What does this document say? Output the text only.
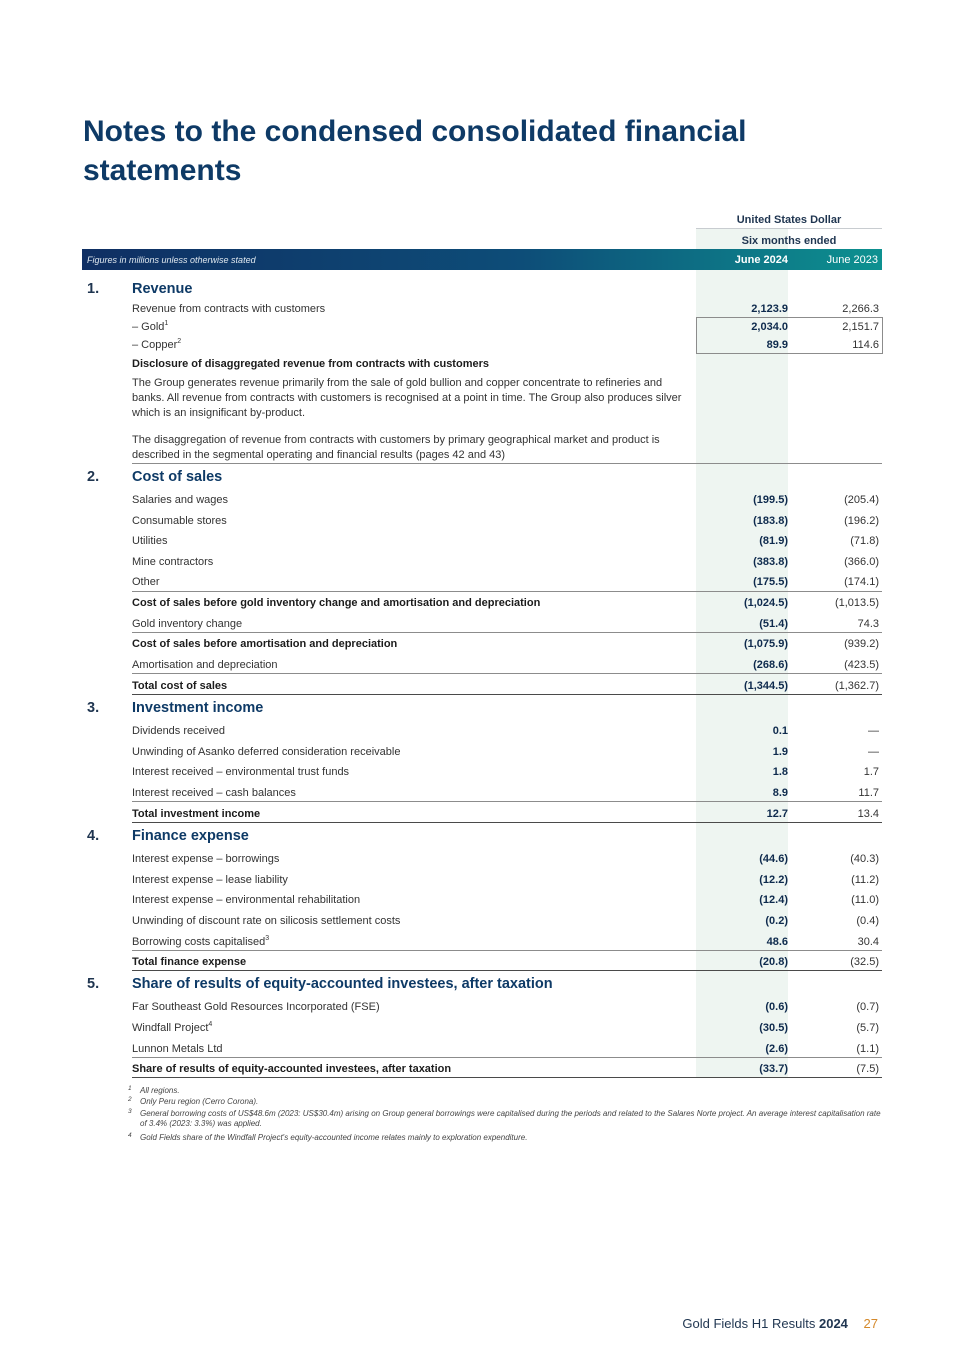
Notes to the condensed consolidated financial statements
United States Dollar
Six months ended
Figures in millions unless otherwise stated	June 2024	June 2023
1. Revenue
Revenue from contracts with customers	2,123.9	2,266.3
– Gold$^1$	2,034.0	2,151.7
– Copper$^2$	89.9	114.6
Disclosure of disaggregated revenue from contracts with customers
The Group generates revenue primarily from the sale of gold bullion and copper concentrate to refineries and banks. All revenue from contracts with customers is recognised at a point in time. The Group also produces silver which is an insignificant by-product.
The disaggregation of revenue from contracts with customers by primary geographical market and product is described in the segmental operating and financial results (pages 42 and 43)
2. Cost of sales
Salaries and wages	(199.5)	(205.4)
Consumable stores	(183.8)	(196.2)
Utilities	(81.9)	(71.8)
Mine contractors	(383.8)	(366.0)
Other	(175.5)	(174.1)
Cost of sales before gold inventory change and amortisation and depreciation	(1,024.5)	(1,013.5)
Gold inventory change	(51.4)	74.3
Cost of sales before amortisation and depreciation	(1,075.9)	(939.2)
Amortisation and depreciation	(268.6)	(423.5)
Total cost of sales	(1,344.5)	(1,362.7)
3. Investment income
Dividends received	0.1	—
Unwinding of Asanko deferred consideration receivable	1.9	—
Interest received – environmental trust funds	1.8	1.7
Interest received – cash balances	8.9	11.7
Total investment income	12.7	13.4
4. Finance expense
Interest expense – borrowings	(44.6)	(40.3)
Interest expense – lease liability	(12.2)	(11.2)
Interest expense – environmental rehabilitation	(12.4)	(11.0)
Unwinding of discount rate on silicosis settlement costs	(0.2)	(0.4)
Borrowing costs capitalised$^3$	48.6	30.4
Total finance expense	(20.8)	(32.5)
5. Share of results of equity-accounted investees, after taxation
Far Southeast Gold Resources Incorporated (FSE)	(0.6)	(0.7)
Windfall Project$^4$	(30.5)	(5.7)
Lunnon Metals Ltd	(2.6)	(1.1)
Share of results of equity-accounted investees, after taxation	(33.7)	(7.5)
1 All regions.
2 Only Peru region (Cerro Corona).
3 General borrowing costs of US$48.6m (2023: US$30.4m) arising on Group general borrowings were capitalised during the periods and related to the Salares Norte project. An average interest capitalisation rate of 3.4% (2023: 3.3%) was applied.
4 Gold Fields share of the Windfall Project's equity-accounted income relates mainly to exploration expenditure.
Gold Fields H1 Results 2024 27
